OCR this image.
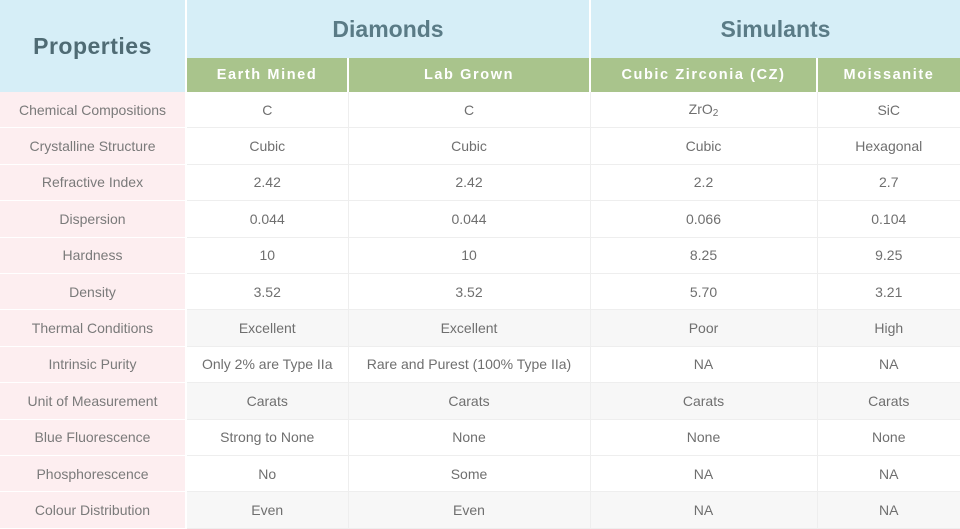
Properties	Diamonds		Simulants	
	Earth Mined	Lab Grown	Cubic Zirconia (CZ)	Moissanite
Chemical Compositions	C	C	ZrO$_2$	SiC
Crystalline Structure	Cubic	Cubic	Cubic	Hexagonal
Refractive Index	2.42	2.42	2.2	2.7
Dispersion	0.044	0.044	0.066	0.104
Hardness	10	10	8.25	9.25
Density	3.52	3.52	5.70	3.21
Thermal Conditions	Excellent	Excellent	Poor	High
Intrinsic Purity	Only 2% are Type IIa	Rare and Purest (100% Type IIa)	NA	NA
Unit of Measurement	Carats	Carats	Carats	Carats
Blue Fluorescence	Strong to None	None	None	None
Phosphorescence	No	Some	NA	NA
Colour Distribution	Even	Even	NA	NA
